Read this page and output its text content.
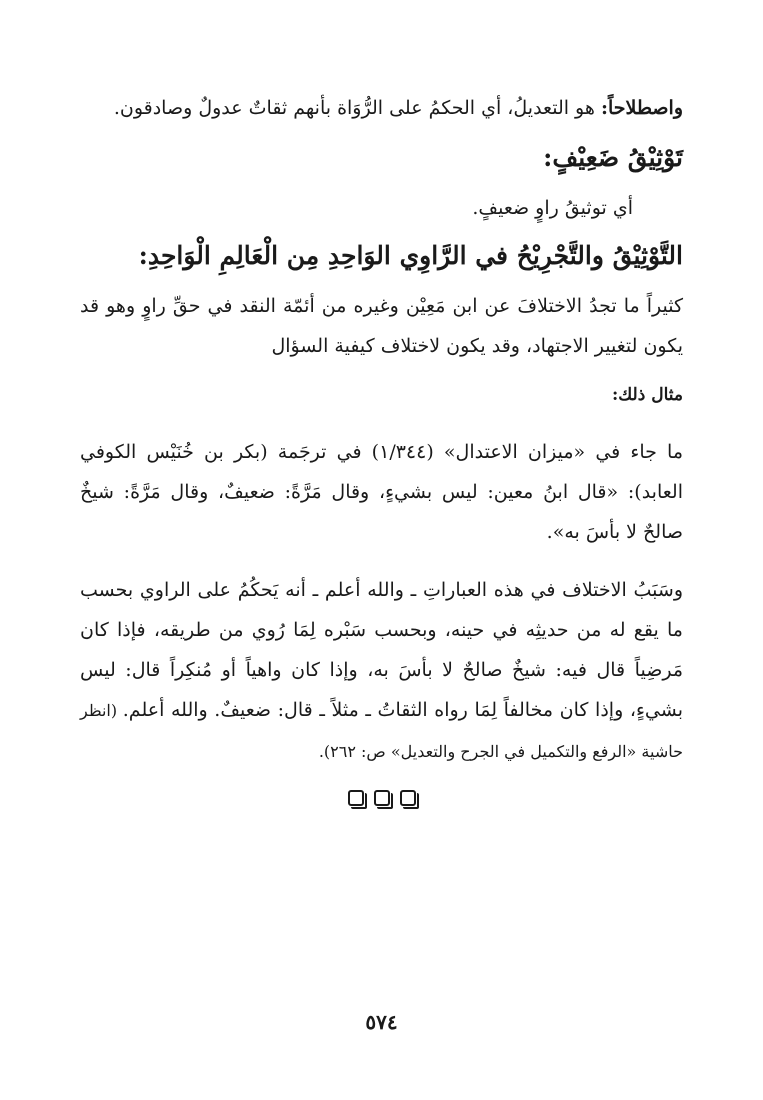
واصطلاحاً: هو التعديلُ، أي الحكمُ على الرُّوَاة بأنهم ثقاتٌ عدولٌ وصادقون.

تَوْثِيْقُ ضَعِيْفٍ:

أي توثيقُ راوٍ ضعيفٍ.

التَّوْثِيْقُ والتَّجْرِيْحُ في الرَّاوِي الوَاحِدِ مِن الْعَالِمِ الْوَاحِدِ:

كثيراً ما تجدُ الاختلافَ عن ابن مَعِيْن وغيره من أئمّة النقد في حقِّ راوٍ وهو قد يكون لتغيير الاجتهاد، وقد يكون لاختلاف كيفية السؤال

مثال ذلك:

ما جاء في «ميزان الاعتدال» (١/٣٤٤) في ترجَمة (بكر بن خُنَيْس الكوفي العابد): «قال ابنُ معين: ليس بشيءٍ، وقال مَرَّةً: ضعيفٌ، وقال مَرَّةً: شيخٌ صالحٌ لا بأسَ به».

وسَبَبُ الاختلاف في هذه العباراتِ ـ والله أعلم ـ أنه يَحكُمُ على الراوي بحسب ما يقع له من حديثِه في حينه، وبحسب سَبْره لِمَا رُوي من طريقه، فإذا كان مَرضِياً قال فيه: شيخٌ صالحٌ لا بأسَ به، وإذا كان واهياً أو مُنكِراً قال: ليس بشيءٍ، وإذا كان مخالفاً لِمَا رواه الثقاتُ ـ مثلاً ـ قال: ضعيفٌ. والله أعلم. (انظر حاشية «الرفع والتكميل في الجرح والتعديل» ص: ٢٦٢).

٥٧٤
